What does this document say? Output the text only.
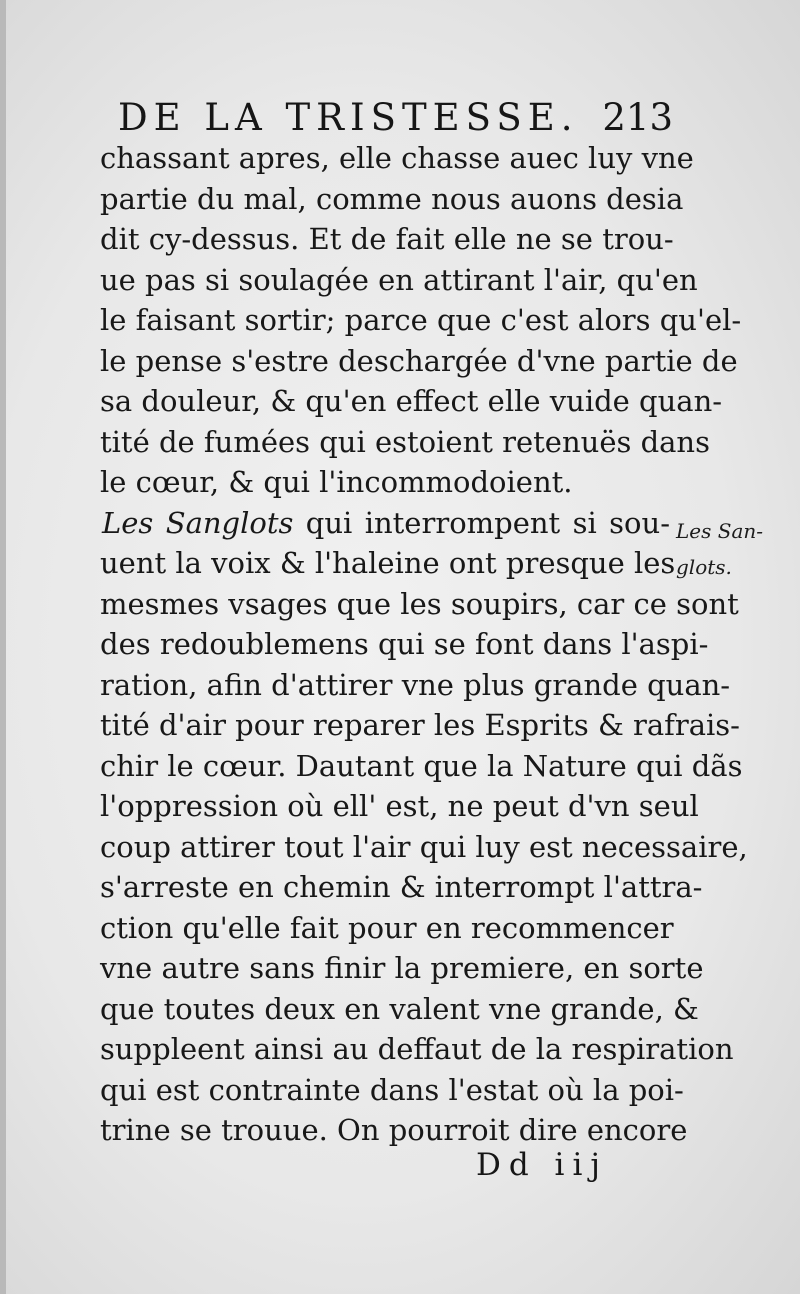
DE LA TRISTESSE. 213
chassant apres, elle chasse auec luy vne
partie du mal, comme nous auons desia
dit cy-dessus. Et de fait elle ne se trou-
ue pas si soulagée en attirant l'air, qu'en
le faisant sortir; parce que c'est alors qu'el-
le pense s'estre deschargée d'vne partie de
sa douleur, & qu'en effect elle vuide quan-
tité de fumées qui estoient retenuës dans
le cœur, & qui l'incommodoient.
Les Sanglots qui interrompent si sou-
uent la voix & l'haleine ont presque les
mesmes vsages que les soupirs, car ce sont
des redoublemens qui se font dans l'aspi-
ration, afin d'attirer vne plus grande quan-
tité d'air pour reparer les Esprits & rafrais-
chir le cœur. Dautant que la Nature qui dãs
l'oppression où ell' est, ne peut d'vn seul
coup attirer tout l'air qui luy est necessaire,
s'arreste en chemin & interrompt l'attra-
ction qu'elle fait pour en recommencer
vne autre sans finir la premiere, en sorte
que toutes deux en valent vne grande, &
suppleent ainsi au deffaut de la respiration
qui est contrainte dans l'estat où la poi-
trine se trouue. On pourroit dire encore
Les San-
glots.
Dd iij
